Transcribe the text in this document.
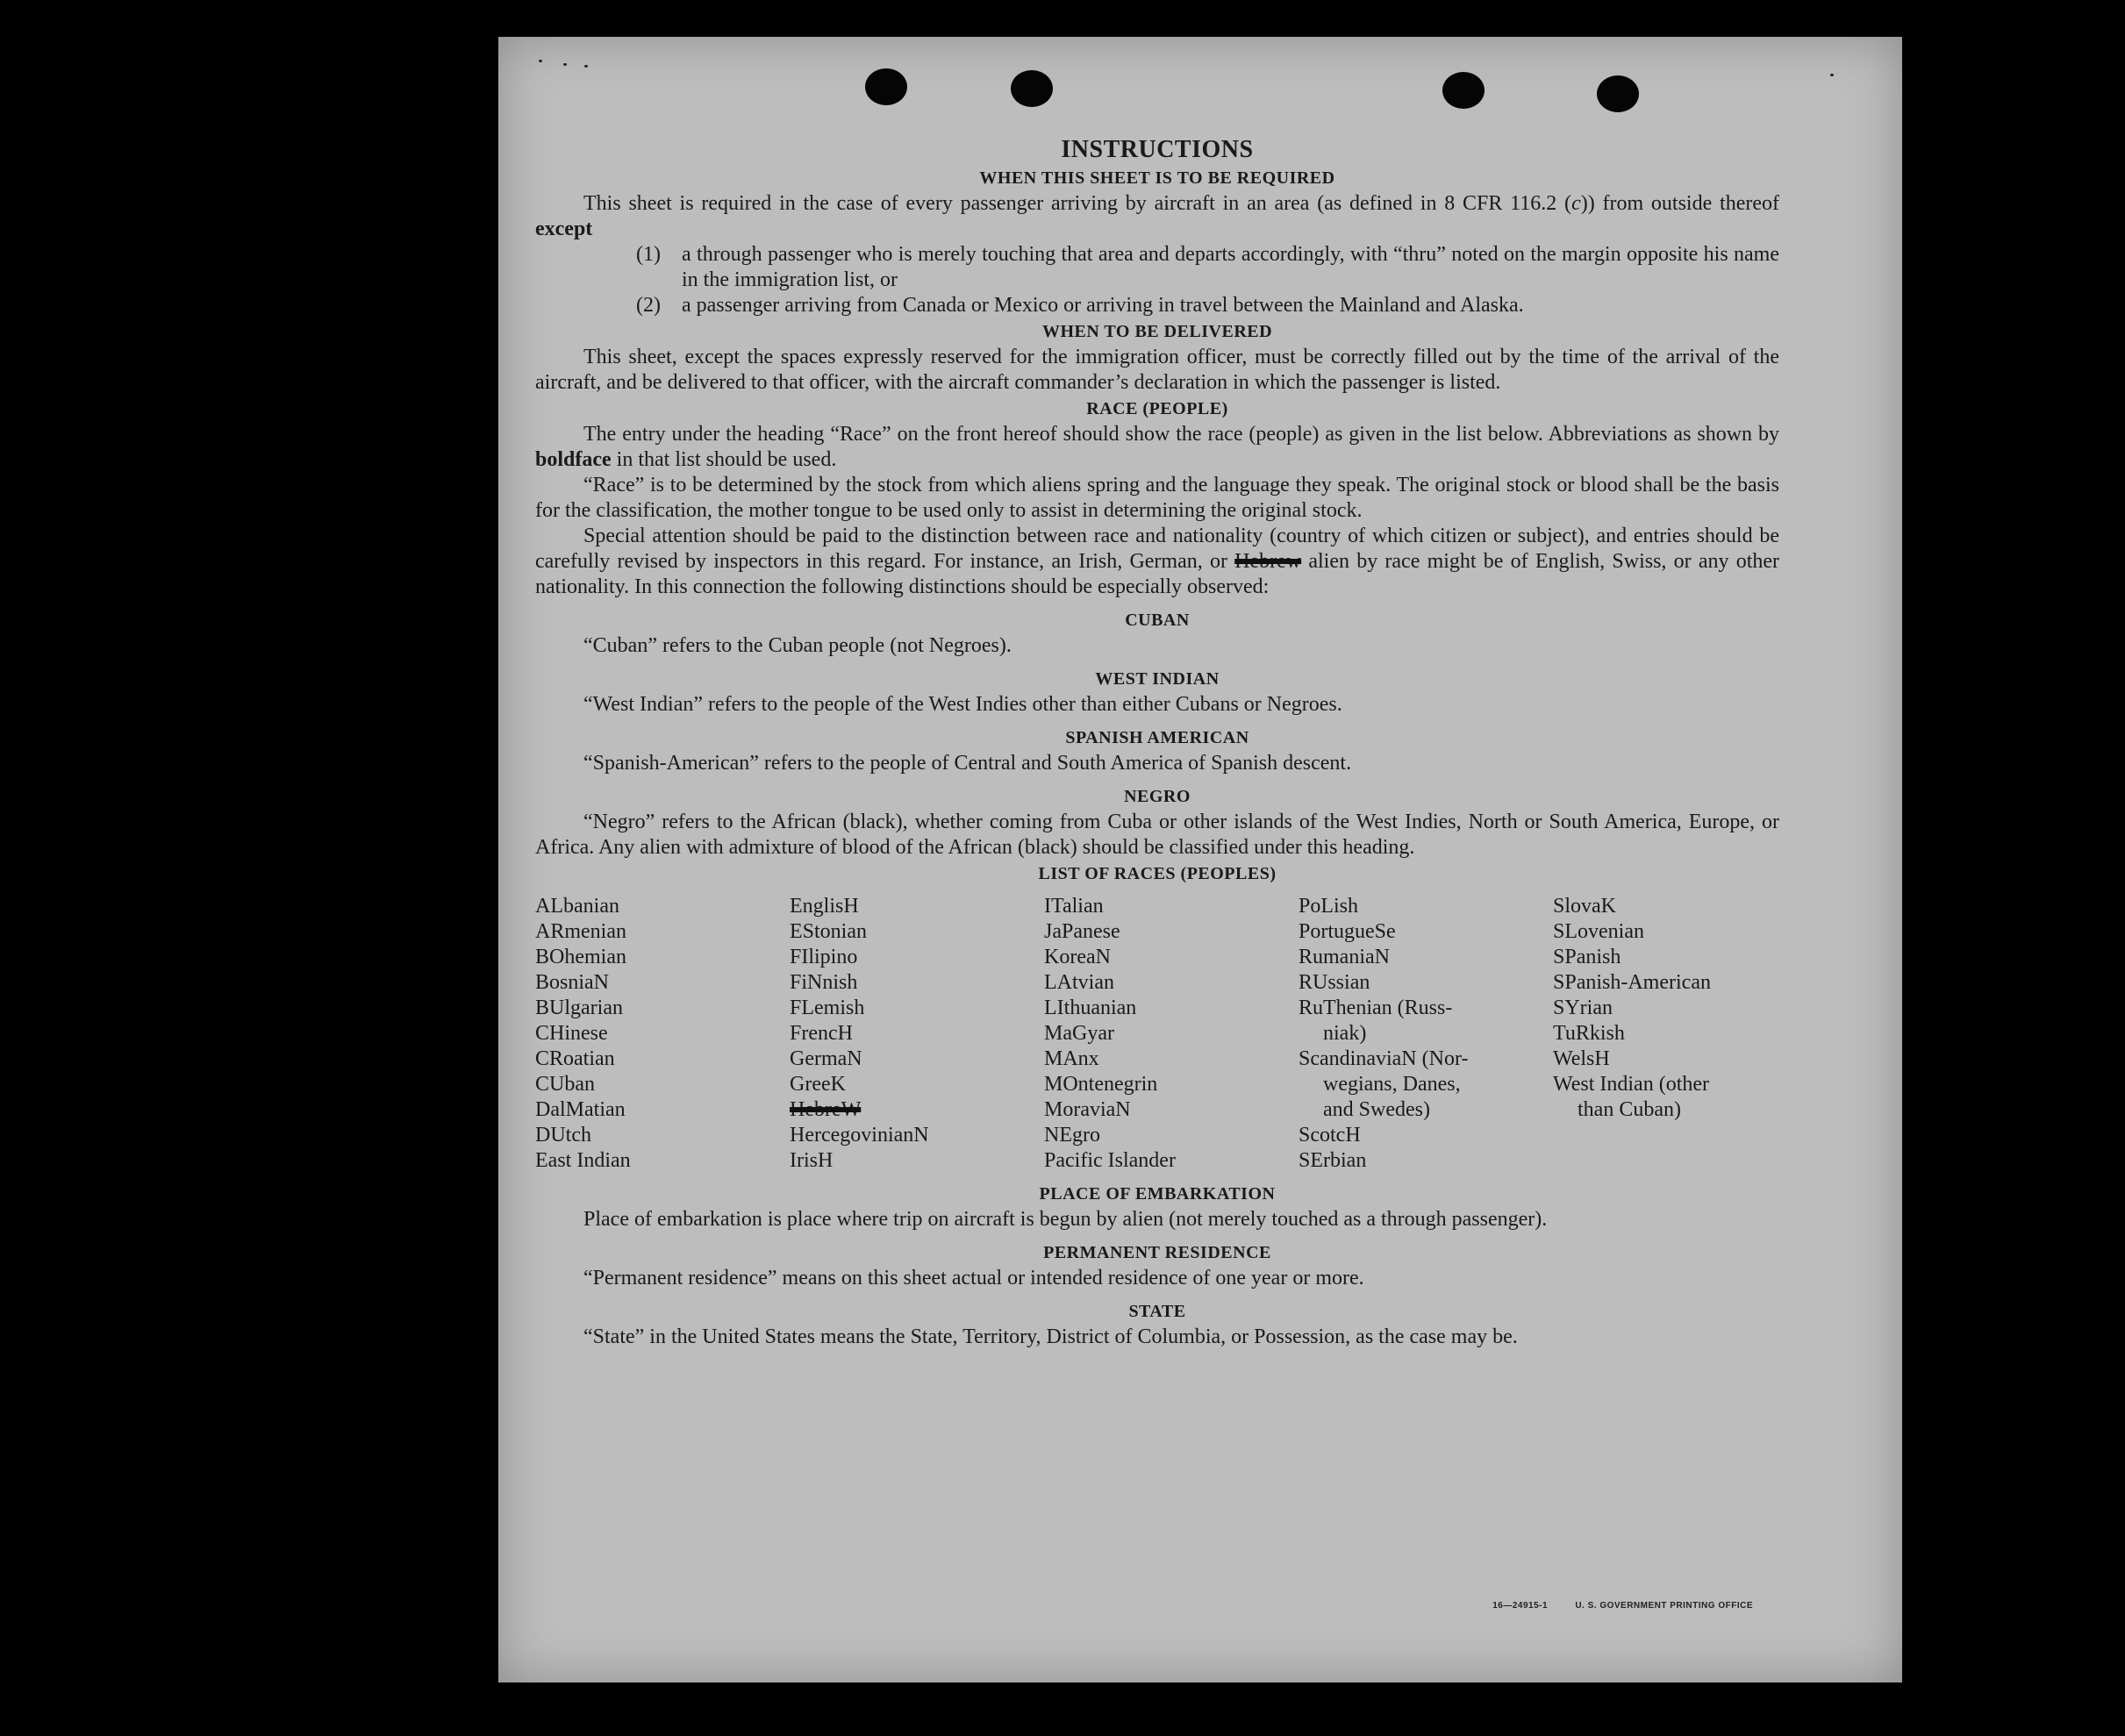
INSTRUCTIONS

WHEN THIS SHEET IS TO BE REQUIRED

This sheet is required in the case of every passenger arriving by aircraft in an area (as defined in 8 CFR 116.2 (c)) from outside thereof except

(1)	a through passenger who is merely touching that area and departs accordingly, with “thru” noted on the margin opposite his name in the immigration list, or
(2)	a passenger arriving from Canada or Mexico or arriving in travel between the Mainland and Alaska.

WHEN TO BE DELIVERED

This sheet, except the spaces expressly reserved for the immigration officer, must be correctly filled out by the time of the arrival of the aircraft, and be delivered to that officer, with the aircraft commander’s declaration in which the passenger is listed.

RACE (PEOPLE)

The entry under the heading “Race” on the front hereof should show the race (people) as given in the list below. Abbreviations as shown by boldface in that list should be used.

“Race” is to be determined by the stock from which aliens spring and the language they speak. The original stock or blood shall be the basis for the classification, the mother tongue to be used only to assist in determining the original stock.

Special attention should be paid to the distinction between race and nationality (country of which citizen or subject), and entries should be carefully revised by inspectors in this regard. For instance, an Irish, German, or Hebrew alien by race might be of English, Swiss, or any other nationality. In this connection the following distinctions should be especially observed:

CUBAN

“Cuban” refers to the Cuban people (not Negroes).

WEST INDIAN

“West Indian” refers to the people of the West Indies other than either Cubans or Negroes.

SPANISH AMERICAN

“Spanish-American” refers to the people of Central and South America of Spanish descent.

NEGRO

“Negro” refers to the African (black), whether coming from Cuba or other islands of the West Indies, North or South America, Europe, or Africa. Any alien with admixture of blood of the African (black) should be classified under this heading.

LIST OF RACES (PEOPLES)

ALbanian
ARmenian
BOhemian
BosniaN
BUlgarian
CHinese
CRoatian
CUban
DalMatian
DUtch
East Indian
EnglisH
EStonian
FIlipino
FiNnish
FLemish
FrencH
GermaN
GreeK
HebreW
HercegovinianN
IrisH
ITalian
JaPanese
KoreaN
LAtvian
LIthuanian
MaGyar
MAnx
MOntenegrin
MoraviaN
NEgro
Pacific Islander
PoLish
PortugueSe
RumaniaN
RUssian
RuThenian (Russ-
niak)
ScandinaviaN (Nor-
wegians, Danes,
and Swedes)
ScotcH
SErbian
SlovaK
SLovenian
SPanish
SPanish-American
SYrian
TuRkish
WelsH
West Indian (other
than Cuban)

PLACE OF EMBARKATION

Place of embarkation is place where trip on aircraft is begun by alien (not merely touched as a through passenger).

PERMANENT RESIDENCE

“Permanent residence” means on this sheet actual or intended residence of one year or more.

STATE

“State” in the United States means the State, Territory, District of Columbia, or Possession, as the case may be.

16—24915-1	U. S. GOVERNMENT PRINTING OFFICE
